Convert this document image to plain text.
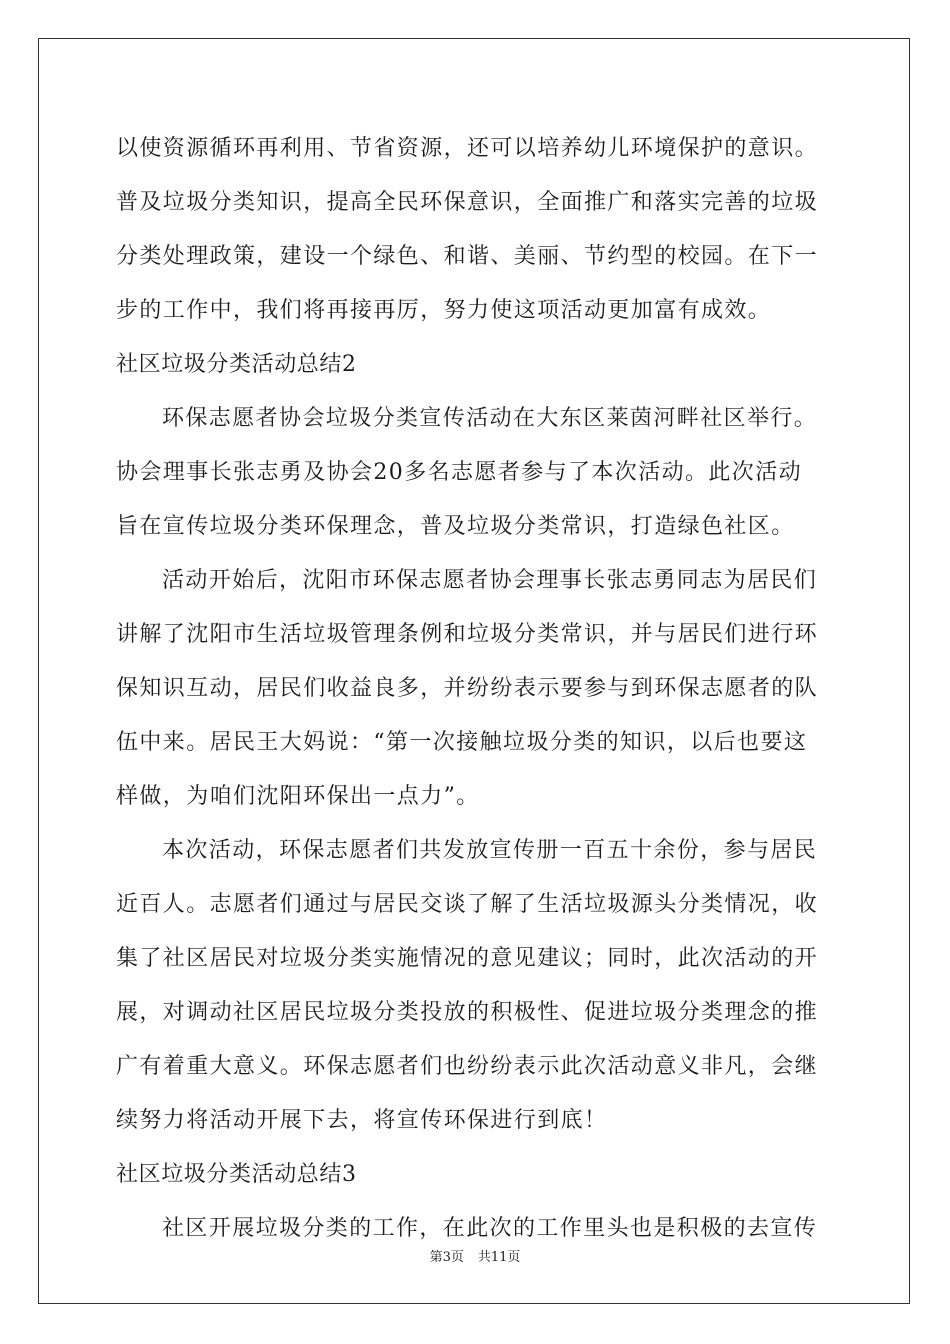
以使资源循环再利用、节省资源，还可以培养幼儿环境保护的意识。
普及垃圾分类知识，提高全民环保意识，全面推广和落实完善的垃圾
分类处理政策，建设一个绿色、和谐、美丽、节约型的校园。在下一
步的工作中，我们将再接再厉，努力使这项活动更加富有成效。
社区垃圾分类活动总结2
环保志愿者协会垃圾分类宣传活动在大东区莱茵河畔社区举行。
协会理事长张志勇及协会20多名志愿者参与了本次活动。此次活动
旨在宣传垃圾分类环保理念，普及垃圾分类常识，打造绿色社区。
活动开始后，沈阳市环保志愿者协会理事长张志勇同志为居民们
讲解了沈阳市生活垃圾管理条例和垃圾分类常识，并与居民们进行环
保知识互动，居民们收益良多，并纷纷表示要参与到环保志愿者的队
伍中来。居民王大妈说：“第一次接触垃圾分类的知识，以后也要这
样做，为咱们沈阳环保出一点力”。
本次活动，环保志愿者们共发放宣传册一百五十余份，参与居民
近百人。志愿者们通过与居民交谈了解了生活垃圾源头分类情况，收
集了社区居民对垃圾分类实施情况的意见建议；同时，此次活动的开
展，对调动社区居民垃圾分类投放的积极性、促进垃圾分类理念的推
广有着重大意义。环保志愿者们也纷纷表示此次活动意义非凡，会继
续努力将活动开展下去，将宣传环保进行到底！
社区垃圾分类活动总结3
社区开展垃圾分类的工作，在此次的工作里头也是积极的去宣传
第3页 共11页
